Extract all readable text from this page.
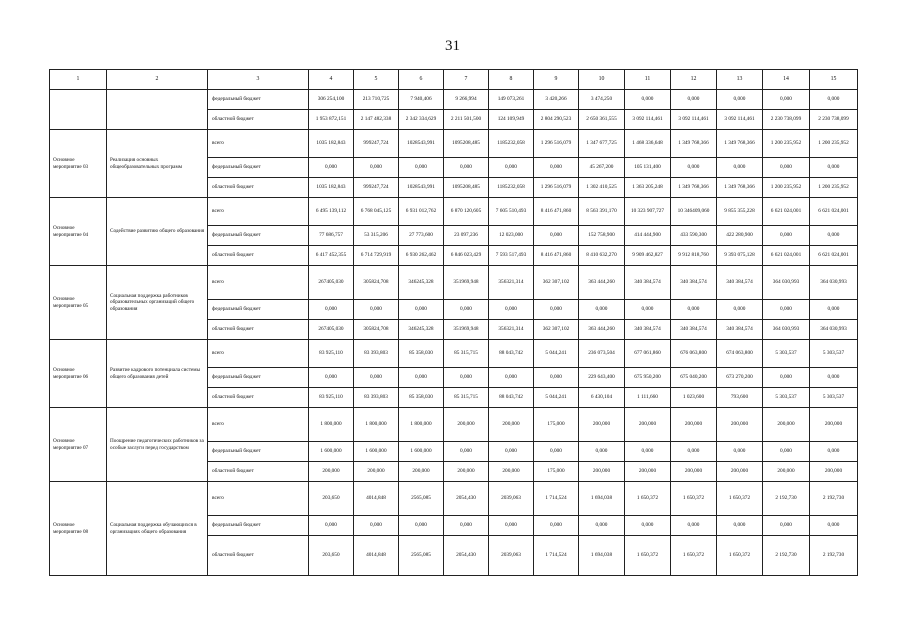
31
1	2	3	4	5	6	7	8	9	10	11	12	13	14	15
		федеральный бюджет	306 254,100	213 710,725	7 940,406	9 266,994	149 073,261	3 420,266	3 474,250	0,000	0,000	0,000	0,000	0,000
		областной бюджет	1 953 872,151	2 147 482,338	2 342 334,629	2 211 501,500	124 109,949	2 804 290,523	2 650 361,555	3 092 114,461	3 092 114,461	3 092 114,461	2 230 738,099	2 230 738,099
Основное мероприятие 03	Реализация основных общеобразовательных программ	всего	1035 182,843	999247,724	1028543,991	1095208,485	1185232,058	1 296 516,079	1 347 677,725	1 468 336,648	1 349 768,366	1 349 768,366	1 200 235,952	1 200 235,952
		федеральный бюджет	0,000	0,000	0,000	0,000	0,000	0,000	45 267,200	105 131,400	0,000	0,000	0,000	0,000
		областной бюджет	1035 182,843	999247,724	1028543,991	1095208,485	1185232,058	1 296 516,079	1 302 410,525	1 363 205,248	1 349 768,366	1 349 768,366	1 200 235,952	1 200 235,952
Основное мероприятие 04	Содействие развитию общего образования	всего	6 495 139,112	6 768 045,125	6 931 012,762	6 870 120,605	7 605 510,493	8 416 471,860	8 563 391,170	10 323 907,727	10 346409,060	9 855 355,228	6 621 024,001	6 621 024,001
		федеральный бюджет	77 686,757	53 315,206	27 773,600	23 097,236	12 023,000	0,000	152 758,900	414 444,900	433 590,300	422 280,900	0,000	0,000
		областной бюджет	6 417 452,355	6 714 729,919	6 930 262,462	6 846 023,429	7 593 517,493	8 416 471,860	8 410 632,270	9 909 462,827	9 912 818,760	9 393 075,128	6 621 024,001	6 621 024,001
Основное мероприятие 05	Социальная поддержка работников образовательных организаций общего образования	всего	267405,030	305824,708	346245,328	351969,948	356321,314	362 307,102	363 444,260	340 384,574	340 384,574	340 384,574	364 030,993	364 030,993
		федеральный бюджет	0,000	0,000	0,000	0,000	0,000	0,000	0,000	0,000	0,000	0,000	0,000	0,000
		областной бюджет	267405,030	305824,708	346245,328	351969,948	356321,314	362 307,102	363 444,260	340 384,574	340 384,574	340 384,574	364 030,993	364 030,993
Основное мероприятие 06	Развитие кадрового потенциала системы общего образования детей	всего	83 925,110	83 393,803	85 358,030	85 315,715	88 043,742	5 044,241	236 073,504	677 061,860	676 063,800	674 063,800	5 303,537	5 303,537
		федеральный бюджет	0,000	0,000	0,000	0,000	0,000	0,000	229 643,400	675 950,200	675 040,200	673 270,200	0,000	0,000
		областной бюджет	83 925,110	83 393,803	85 358,030	85 315,715	88 043,742	5 044,241	6 430,104	1 111,660	1 023,600	793,600	5 303,537	5 303,537
Основное мероприятие 07	Поощрение педагогических работников за особые заслуги перед государством	всего	1 800,000	1 800,000	1 800,000	200,000	200,000	175,000	200,000	200,000	200,000	200,000	200,000	200,000
		федеральный бюджет	1 600,000	1 600,000	1 600,000	0,000	0,000	0,000	0,000	0,000	0,000	0,000	0,000	0,000
		областной бюджет	200,000	200,000	200,000	200,000	200,000	175,000	200,000	200,000	200,000	200,000	200,000	200,000
Основное мероприятие 08	Социальная поддержка обучающихся в организациях общего образования	всего	203,650	4014,848	2565,085	2054,430	2039,063	1 714,524	1 694,038	1 650,372	1 650,372	1 650,372	2 192,730	2 192,730
		федеральный бюджет	0,000	0,000	0,000	0,000	0,000	0,000	0,000	0,000	0,000	0,000	0,000	0,000
		областной бюджет	203,650	4014,848	2565,085	2054,430	2039,063	1 714,524	1 694,038	1 650,372	1 650,372	1 650,372	2 192,730	2 192,730
